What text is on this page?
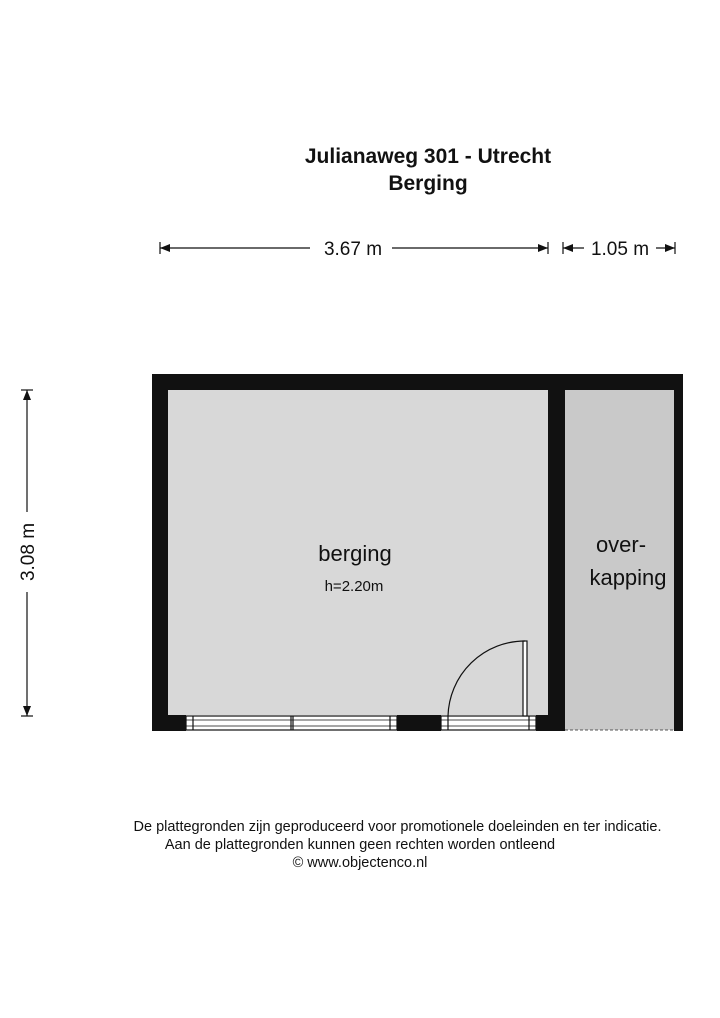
Julianaweg 301 - Utrecht
Berging
3.67 m	1.05 m
3.08 m	berging
h=2.20m
over-
kapping
De plattegronden zijn geproduceerd voor promotionele doeleinden en ter indicatie.
Aan de plattegronden kunnen geen rechten worden ontleend
© www.objectenco.nl
